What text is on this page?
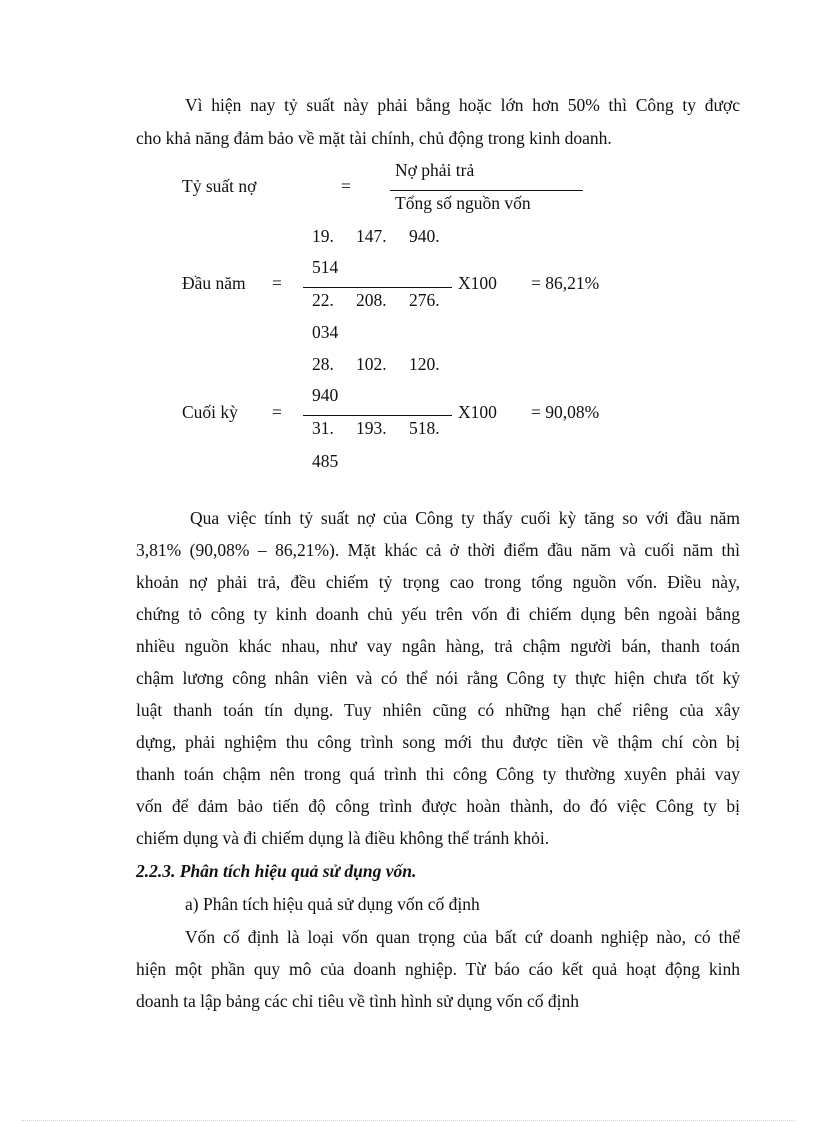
Vì hiện nay tỷ suất này phải bằng hoặc lớn hơn 50% thì Công ty được
cho khả năng đảm bảo về mặt tài chính, chủ động trong kinh doanh.
Tỷ suất nợ	=
Nợ phải trả
Tổng số nguồn vốn
19. 147. 940.
514
Đầu năm =	X100 = 86,21%
22. 208. 276.
034
28. 102. 120.
940
Cuối kỳ =	X100 = 90,08%
31. 193. 518.
485
Qua việc tính tỷ suất nợ của Công ty thấy cuối kỳ tăng so với đầu năm
3,81% (90,08% – 86,21%). Mặt khác cả ở thời điểm đầu năm và cuối năm thì
khoản nợ phải trả, đều chiếm tỷ trọng cao trong tổng nguồn vốn. Điều này,
chứng tỏ công ty kinh doanh chủ yếu trên vốn đi chiếm dụng bên ngoài bằng
nhiều nguồn khác nhau, như vay ngân hàng, trả chậm người bán, thanh toán
chậm lương công nhân viên và có thể nói rằng Công ty thực hiện chưa tốt kỷ
luật thanh toán tín dụng. Tuy nhiên cũng có những hạn chế riêng của xây
dựng, phải nghiệm thu công trình song mới thu được tiền về thậm chí còn bị
thanh toán chậm nên trong quá trình thi công Công ty thường xuyên phải vay
vốn để đảm bảo tiến độ công trình được hoàn thành, do đó việc Công ty bị
chiếm dụng và đi chiếm dụng là điều không thể tránh khỏi.
2.2.3. Phân tích hiệu quả sử dụng vốn.
a) Phân tích hiệu quả sử dụng vốn cố định
Vốn cố định là loại vốn quan trọng của bất cứ doanh nghiệp nào, có thể
hiện một phần quy mô của doanh nghiệp. Từ báo cáo kết quả hoạt động kinh
doanh ta lập bảng các chỉ tiêu về tình hình sử dụng vốn cố định
